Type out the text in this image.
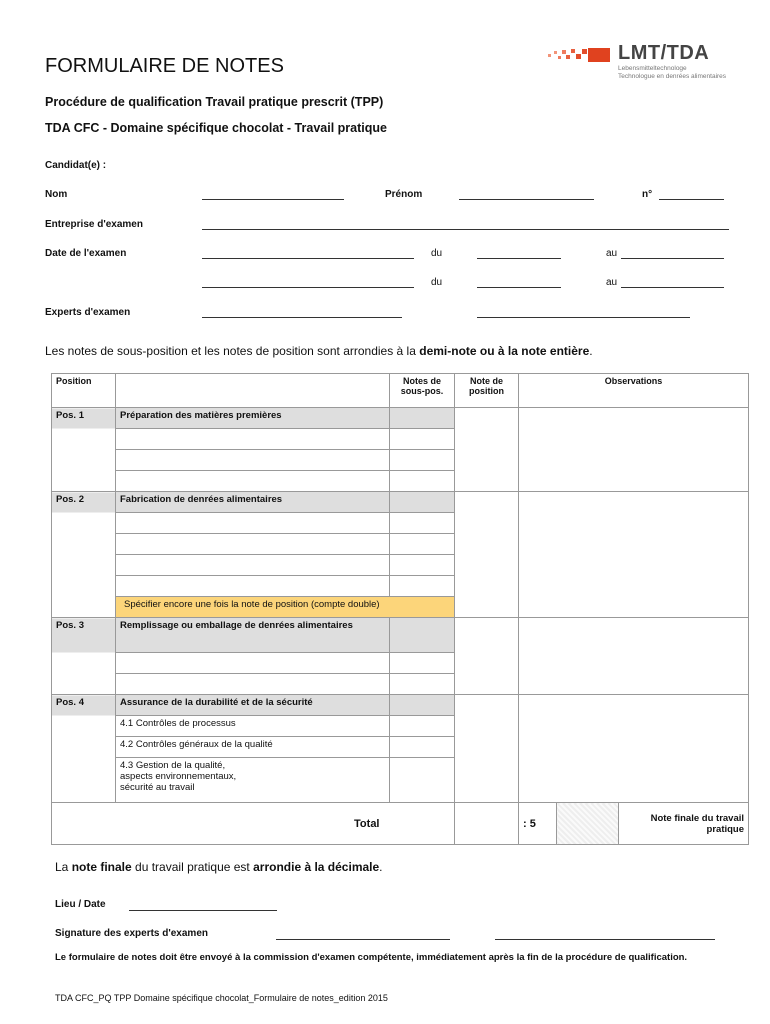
FORMULAIRE DE NOTES
Procédure de qualification Travail pratique prescrit (TPP)
TDA CFC - Domaine spécifique chocolat - Travail pratique
LMT/TDA
Lebensmitteltechnologe
Technologue en denrées alimentaires
Candidat(e) :
Nom	Prénom	n°
Entreprise d'examen
Date de l'examen	du	au
du	au
Experts d'examen
Les notes de sous-position et les notes de position sont arrondies à la demi-note ou à la note entière.
Position		Notes de sous-pos.	Note de position	Observations		
Pos. 1	Préparation des matières premières					

Pos. 2	Fabrication de denrées alimentaires					

	Spécifier encore une fois la note de position (compte double)					
Pos. 3	Remplissage ou emballage de denrées alimentaires					

Pos. 4	Assurance de la durabilité et de la sécurité					
	4.1 Contrôles de processus					
	4.2 Contrôles généraux de la qualité					
	4.3 Gestion de la qualité, aspects environnementaux, sécurité au travail					
Total				: 5		Note finale du travail pratique
La note finale du travail pratique est arrondie à la décimale.
Lieu / Date
Signature des experts d'examen
Le formulaire de notes doit être envoyé à la commission d'examen compétente, immédiatement après la fin de la procédure de qualification.
TDA CFC_PQ TPP Domaine spécifique chocolat_Formulaire de notes_edition 2015
